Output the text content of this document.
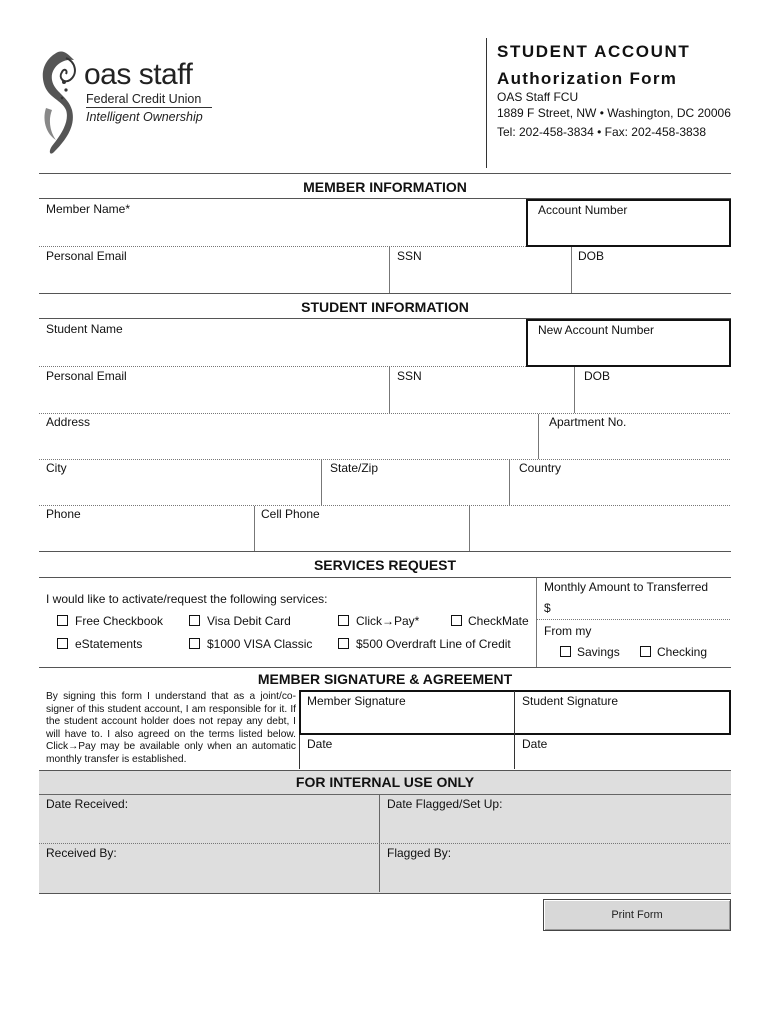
oas staff
Federal Credit Union
Intelligent Ownership
STUDENT ACCOUNT
Authorization Form
OAS Staff FCU
1889 F Street, NW • Washington, DC 20006
Tel: 202-458-3834 • Fax: 202-458-3838
MEMBER INFORMATION
Member Name*	Account Number
Personal Email	SSN	DOB
STUDENT INFORMATION
Student Name	New Account Number
Personal Email	SSN	DOB
Address	Apartment No.
City	State/Zip	Country
Phone	Cell Phone
SERVICES REQUEST
I would like to activate/request the following services:
Free Checkbook	Visa Debit Card	Click→Pay*	CheckMate
eStatements	$1000 VISA Classic	$500 Overdraft Line of Credit
Monthly Amount to Transferred
$
From my
Savings	Checking
MEMBER SIGNATURE & AGREEMENT
By signing this form I understand that as a joint/co-signer of this student account, I am responsible for it. If the student account holder does not repay any debt, I will have to. I also agreed on the terms listed below. Click→Pay may be available only when an automatic monthly transfer is established.
Member Signature	Student Signature
Date	Date
FOR INTERNAL USE ONLY
Date Received:	Date Flagged/Set Up:
Received By:	Flagged By:
Print Form
